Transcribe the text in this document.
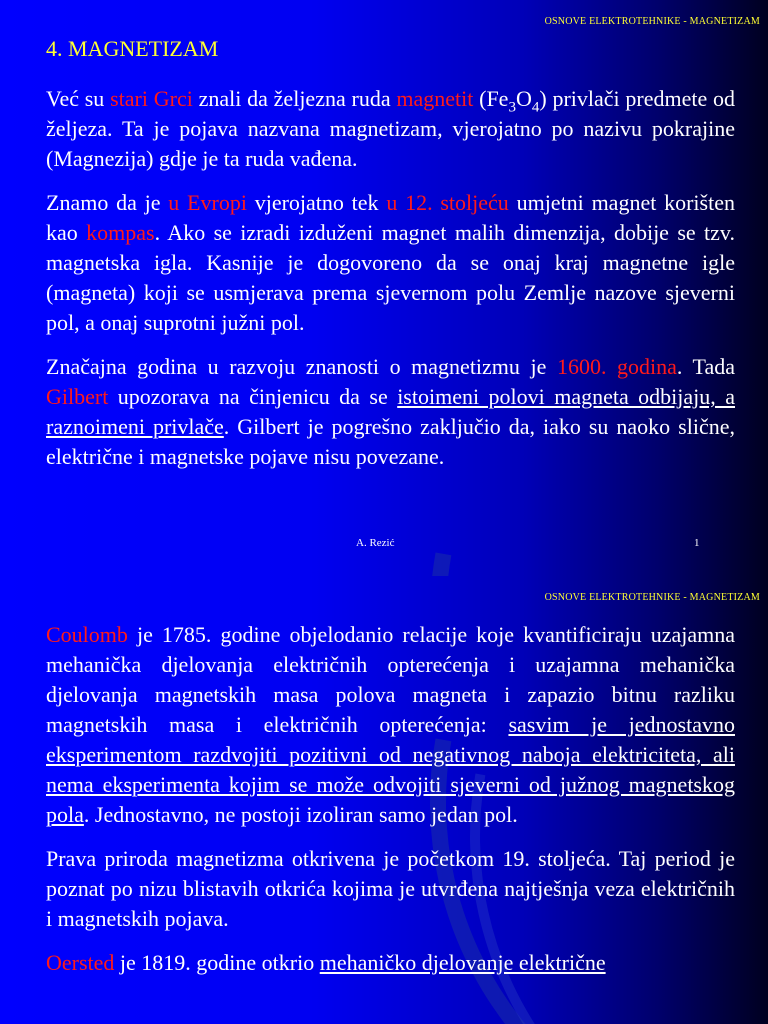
OSNOVE ELEKTROTEHNIKE - MAGNETIZAM
4. MAGNETIZAM

Već su stari Grci znali da željezna ruda magnetit $(Fe_3O_4)$ privlači predmete od željeza. Ta je pojava nazvana magnetizam, vjerojatno po nazivu pokrajine (Magnezija) gdje je ta ruda vađena.

Znamo da je u Evropi vjerojatno tek u 12. stoljeću umjetni magnet korišten kao kompas. Ako se izradi izduženi magnet malih dimenzija, dobije se tzv. magnetska igla. Kasnije je dogovoreno da se onaj kraj magnetne igle (magneta) koji se usmjerava prema sjevernom polu Zemlje nazove sjeverni pol, a onaj suprotni južni pol.

Značajna godina u razvoju znanosti o magnetizmu je 1600. godina. Tada Gilbert upozorava na činjenicu da se istoimeni polovi magneta odbijaju, a raznoimeni privlače. Gilbert je pogrešno zaključio da, iako su naoko slične, električne i magnetske pojave nisu povezane.

A. Rezić	1
OSNOVE ELEKTROTEHNIKE - MAGNETIZAM

Coulomb je 1785. godine objelodanio relacije koje kvantificiraju uzajamna mehanička djelovanja električnih opterećenja i uzajamna mehanička djelovanja magnetskih masa polova magneta i zapazio bitnu razliku magnetskih masa i električnih opterećenja: sasvim je jednostavno eksperimentom razdvojiti pozitivni od negativnog naboja elektriciteta, ali nema eksperimenta kojim se može odvojiti sjeverni od južnog magnetskog pola. Jednostavno, ne postoji izoliran samo jedan pol.

Prava priroda magnetizma otkrivena je početkom 19. stoljeća. Taj period je poznat po nizu blistavih otkrića kojima je utvrđena najtješnja veza električnih i magnetskih pojava.

Oersted je 1819. godine otkrio mehaničko djelovanje električne
